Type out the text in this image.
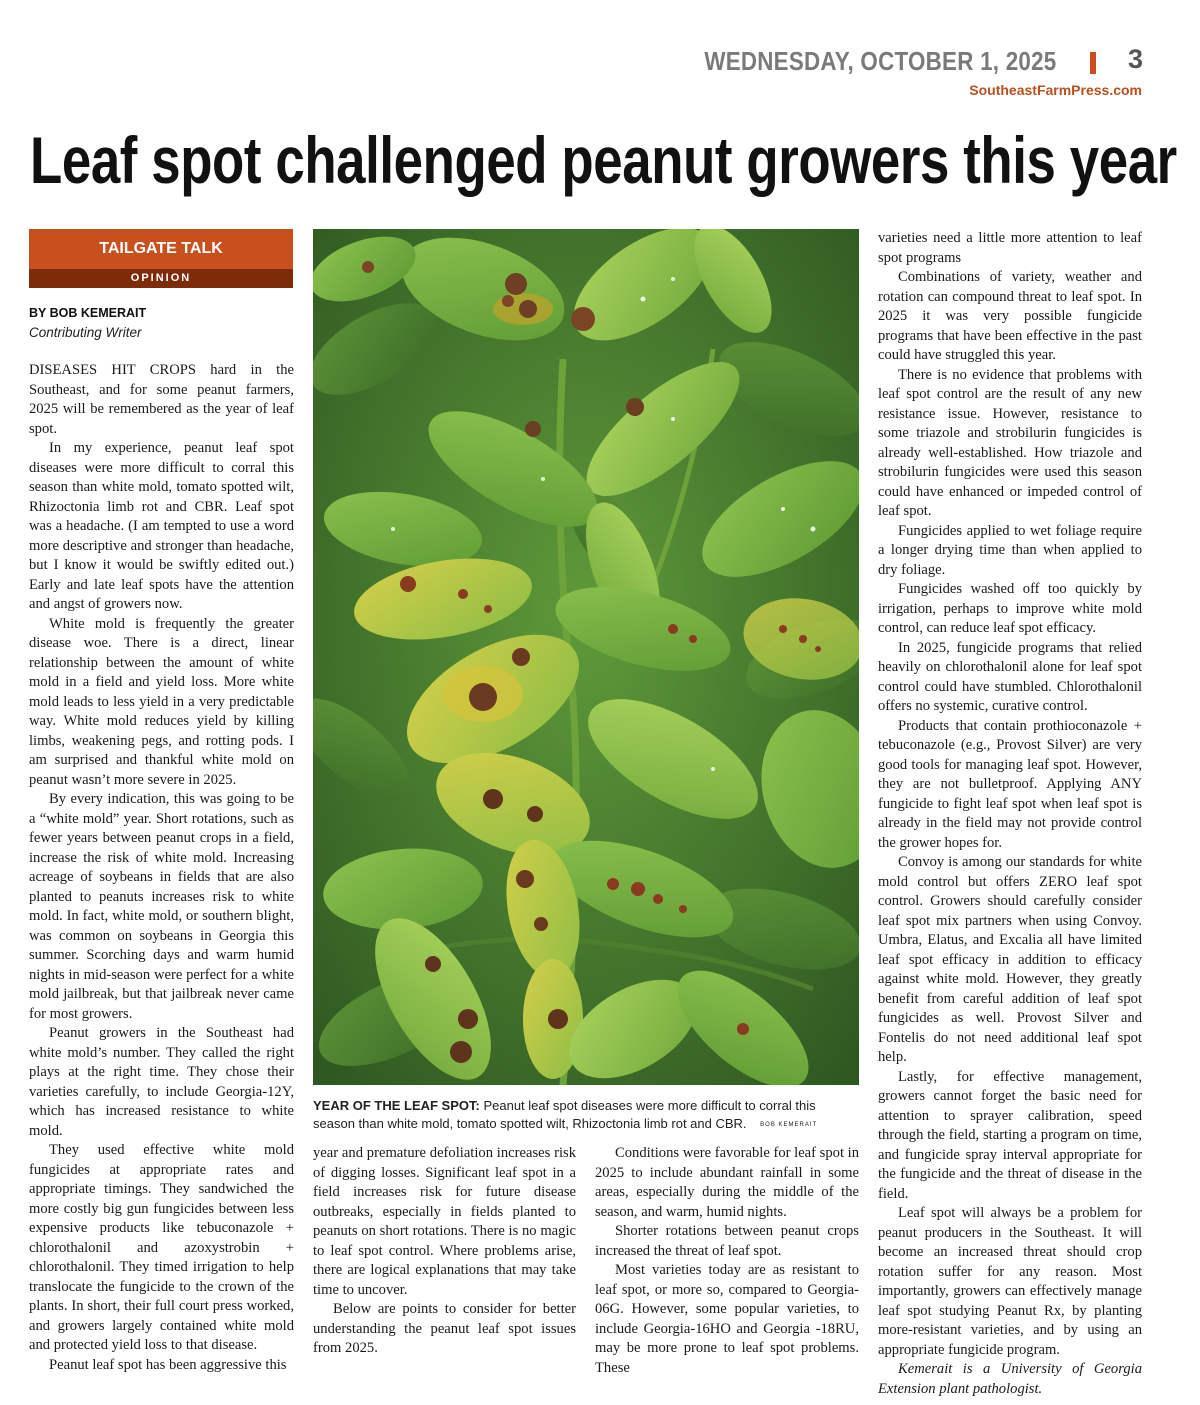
WEDNESDAY, OCTOBER 1, 2025	3
SoutheastFarmPress.com
Leaf spot challenged peanut growers this year
TAILGATE TALK
OPINION
BY BOB KEMERAIT
Contributing Writer

DISEASES HIT CROPS hard in the Southeast, and for some peanut farmers, 2025 will be remembered as the year of leaf spot.

In my experience, peanut leaf spot diseases were more difficult to corral this season than white mold, tomato spotted wilt, Rhizoctonia limb rot and CBR. Leaf spot was a headache. (I am tempted to use a word more descriptive and stronger than headache, but I know it would be swiftly edited out.) Early and late leaf spots have the attention and angst of growers now.

White mold is frequently the greater disease woe. There is a direct, linear relationship between the amount of white mold in a field and yield loss. More white mold leads to less yield in a very predictable way. White mold reduces yield by killing limbs, weakening pegs, and rotting pods. I am surprised and thankful white mold on peanut wasn’t more severe in 2025.

By every indication, this was going to be a “white mold” year. Short rotations, such as fewer years between peanut crops in a field, increase the risk of white mold. Increasing acreage of soybeans in fields that are also planted to peanuts increases risk to white mold. In fact, white mold, or southern blight, was common on soybeans in Georgia this summer. Scorching days and warm humid nights in mid-season were perfect for a white mold jailbreak, but that jailbreak never came for most growers.

Peanut growers in the Southeast had white mold’s number. They called the right plays at the right time. They chose their varieties carefully, to include Georgia-12Y, which has increased resistance to white mold.

They used effective white mold fungicides at appropriate rates and appropriate timings. They sandwiched the more costly big gun fungicides between less expensive products like tebuconazole + chlorothalonil and azoxystrobin + chlorothalonil. They timed irrigation to help translocate the fungicide to the crown of the plants. In short, their full court press worked, and growers largely contained white mold and protected yield loss to that disease.

Peanut leaf spot has been aggressive this

YEAR OF THE LEAF SPOT: Peanut leaf spot diseases were more difficult to corral this season than white mold, tomato spotted wilt, Rhizoctonia limb rot and CBR. BOB KEMERAIT

year and premature defoliation increases risk of digging losses. Significant leaf spot in a field increases risk for future disease outbreaks, especially in fields planted to peanuts on short rotations. There is no magic to leaf spot control. Where problems arise, there are logical explanations that may take time to uncover.

Below are points to consider for better understanding the peanut leaf spot issues from 2025.

Conditions were favorable for leaf spot in 2025 to include abundant rainfall in some areas, especially during the middle of the season, and warm, humid nights.

Shorter rotations between peanut crops increased the threat of leaf spot.

Most varieties today are as resistant to leaf spot, or more so, compared to Georgia-06G. However, some popular varieties, to include Georgia-16HO and Georgia -18RU, may be more prone to leaf spot problems. These

varieties need a little more attention to leaf spot programs

Combinations of variety, weather and rotation can compound threat to leaf spot. In 2025 it was very possible fungicide programs that have been effective in the past could have struggled this year.

There is no evidence that problems with leaf spot control are the result of any new resistance issue. However, resistance to some triazole and strobilurin fungicides is already well-established. How triazole and strobilurin fungicides were used this season could have enhanced or impeded control of leaf spot.

Fungicides applied to wet foliage require a longer drying time than when applied to dry foliage.

Fungicides washed off too quickly by irrigation, perhaps to improve white mold control, can reduce leaf spot efficacy.

In 2025, fungicide programs that relied heavily on chlorothalonil alone for leaf spot control could have stumbled. Chlorothalonil offers no systemic, curative control.

Products that contain prothioconazole + tebuconazole (e.g., Provost Silver) are very good tools for managing leaf spot. However, they are not bulletproof. Applying ANY fungicide to fight leaf spot when leaf spot is already in the field may not provide control the grower hopes for.

Convoy is among our standards for white mold control but offers ZERO leaf spot control. Growers should carefully consider leaf spot mix partners when using Convoy. Umbra, Elatus, and Excalia all have limited leaf spot efficacy in addition to efficacy against white mold. However, they greatly benefit from careful addition of leaf spot fungicides as well. Provost Silver and Fontelis do not need additional leaf spot help.

Lastly, for effective management, growers cannot forget the basic need for attention to sprayer calibration, speed through the field, starting a program on time, and fungicide spray interval appropriate for the fungicide and the threat of disease in the field.

Leaf spot will always be a problem for peanut producers in the Southeast. It will become an increased threat should crop rotation suffer for any reason. Most importantly, growers can effectively manage leaf spot studying Peanut Rx, by planting more-resistant varieties, and by using an appropriate fungicide program.

Kemerait is a University of Georgia Extension plant pathologist.
